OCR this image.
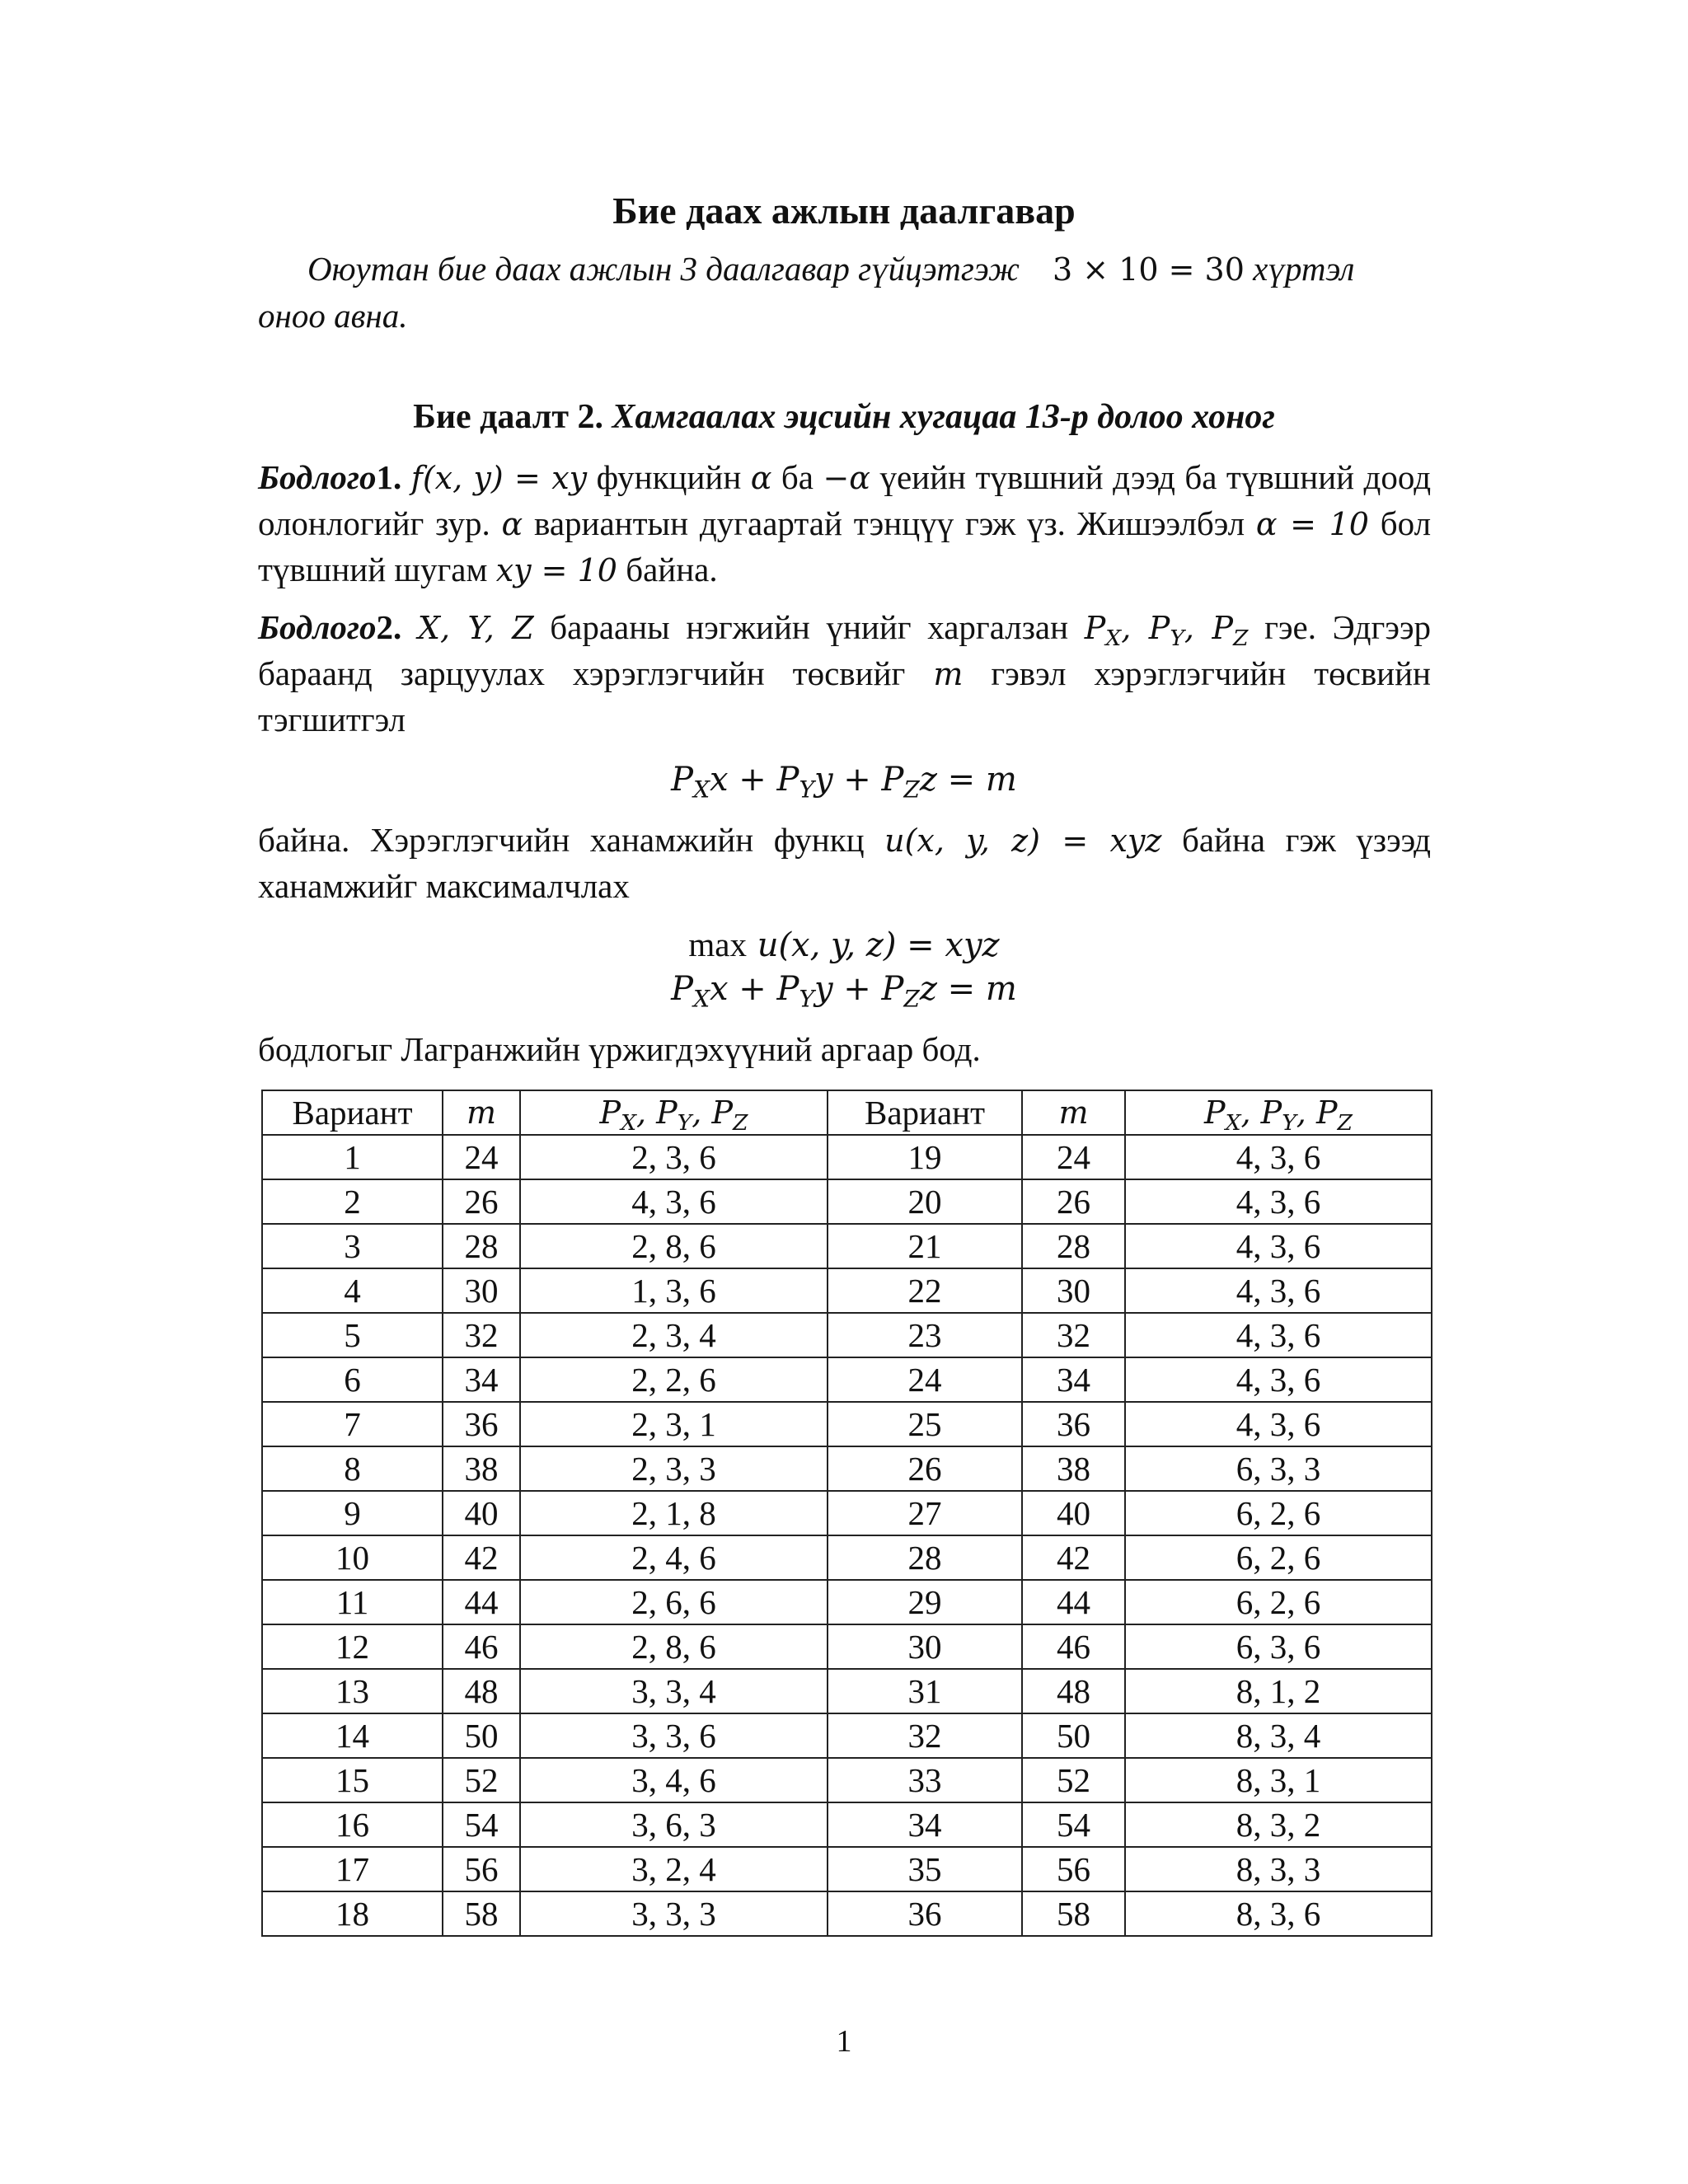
Бие даах ажлын даалгавар
Оюутан бие даах ажлын 3 даалгавар гүйцэтгэж 3 × 10 = 30 хүртэл
оноо авна.
Бие даалт 2. Хамгаалах эцсийн хугацаа 13-р долоо хоног
Бодлого1. f(x, y) = xy функцийн α ба −α үеийн түвшний дээд ба түвшний доод олонлогийг зур. α вариантын дугаартай тэнцүү гэж үз. Жишээлбэл α = 10 бол түвшний шугам xy = 10 байна.
Бодлого2. X, Y, Z барааны нэгжийн үнийг харгалзан $P_X$, $P_Y$, $P_Z$ гэе. Эдгээр бараанд зарцуулах хэрэглэгчийн төсвийг m гэвэл хэрэглэгчийн төсвийн тэгшитгэл
$P_Xx + P_Yy + P_Zz = m$
байна. Хэрэглэгчийн ханамжийн функц u(x, y, z) = xyz байна гэж үзээд ханамжийг максималчлах
max u(x, y, z) = xyz
$P_Xx + P_Yy + P_Zz = m$
бодлогыг Лагранжийн үржигдэхүүний аргаар бод.
Вариант	m	$P_X$, $P_Y$, $P_Z$	Вариант	m	$P_X$, $P_Y$, $P_Z$
1	24	2, 3, 6	19	24	4, 3, 6
2	26	4, 3, 6	20	26	4, 3, 6
3	28	2, 8, 6	21	28	4, 3, 6
4	30	1, 3, 6	22	30	4, 3, 6
5	32	2, 3, 4	23	32	4, 3, 6
6	34	2, 2, 6	24	34	4, 3, 6
7	36	2, 3, 1	25	36	4, 3, 6
8	38	2, 3, 3	26	38	6, 3, 3
9	40	2, 1, 8	27	40	6, 2, 6
10	42	2, 4, 6	28	42	6, 2, 6
11	44	2, 6, 6	29	44	6, 2, 6
12	46	2, 8, 6	30	46	6, 3, 6
13	48	3, 3, 4	31	48	8, 1, 2
14	50	3, 3, 6	32	50	8, 3, 4
15	52	3, 4, 6	33	52	8, 3, 1
16	54	3, 6, 3	34	54	8, 3, 2
17	56	3, 2, 4	35	56	8, 3, 3
18	58	3, 3, 3	36	58	8, 3, 6
1
